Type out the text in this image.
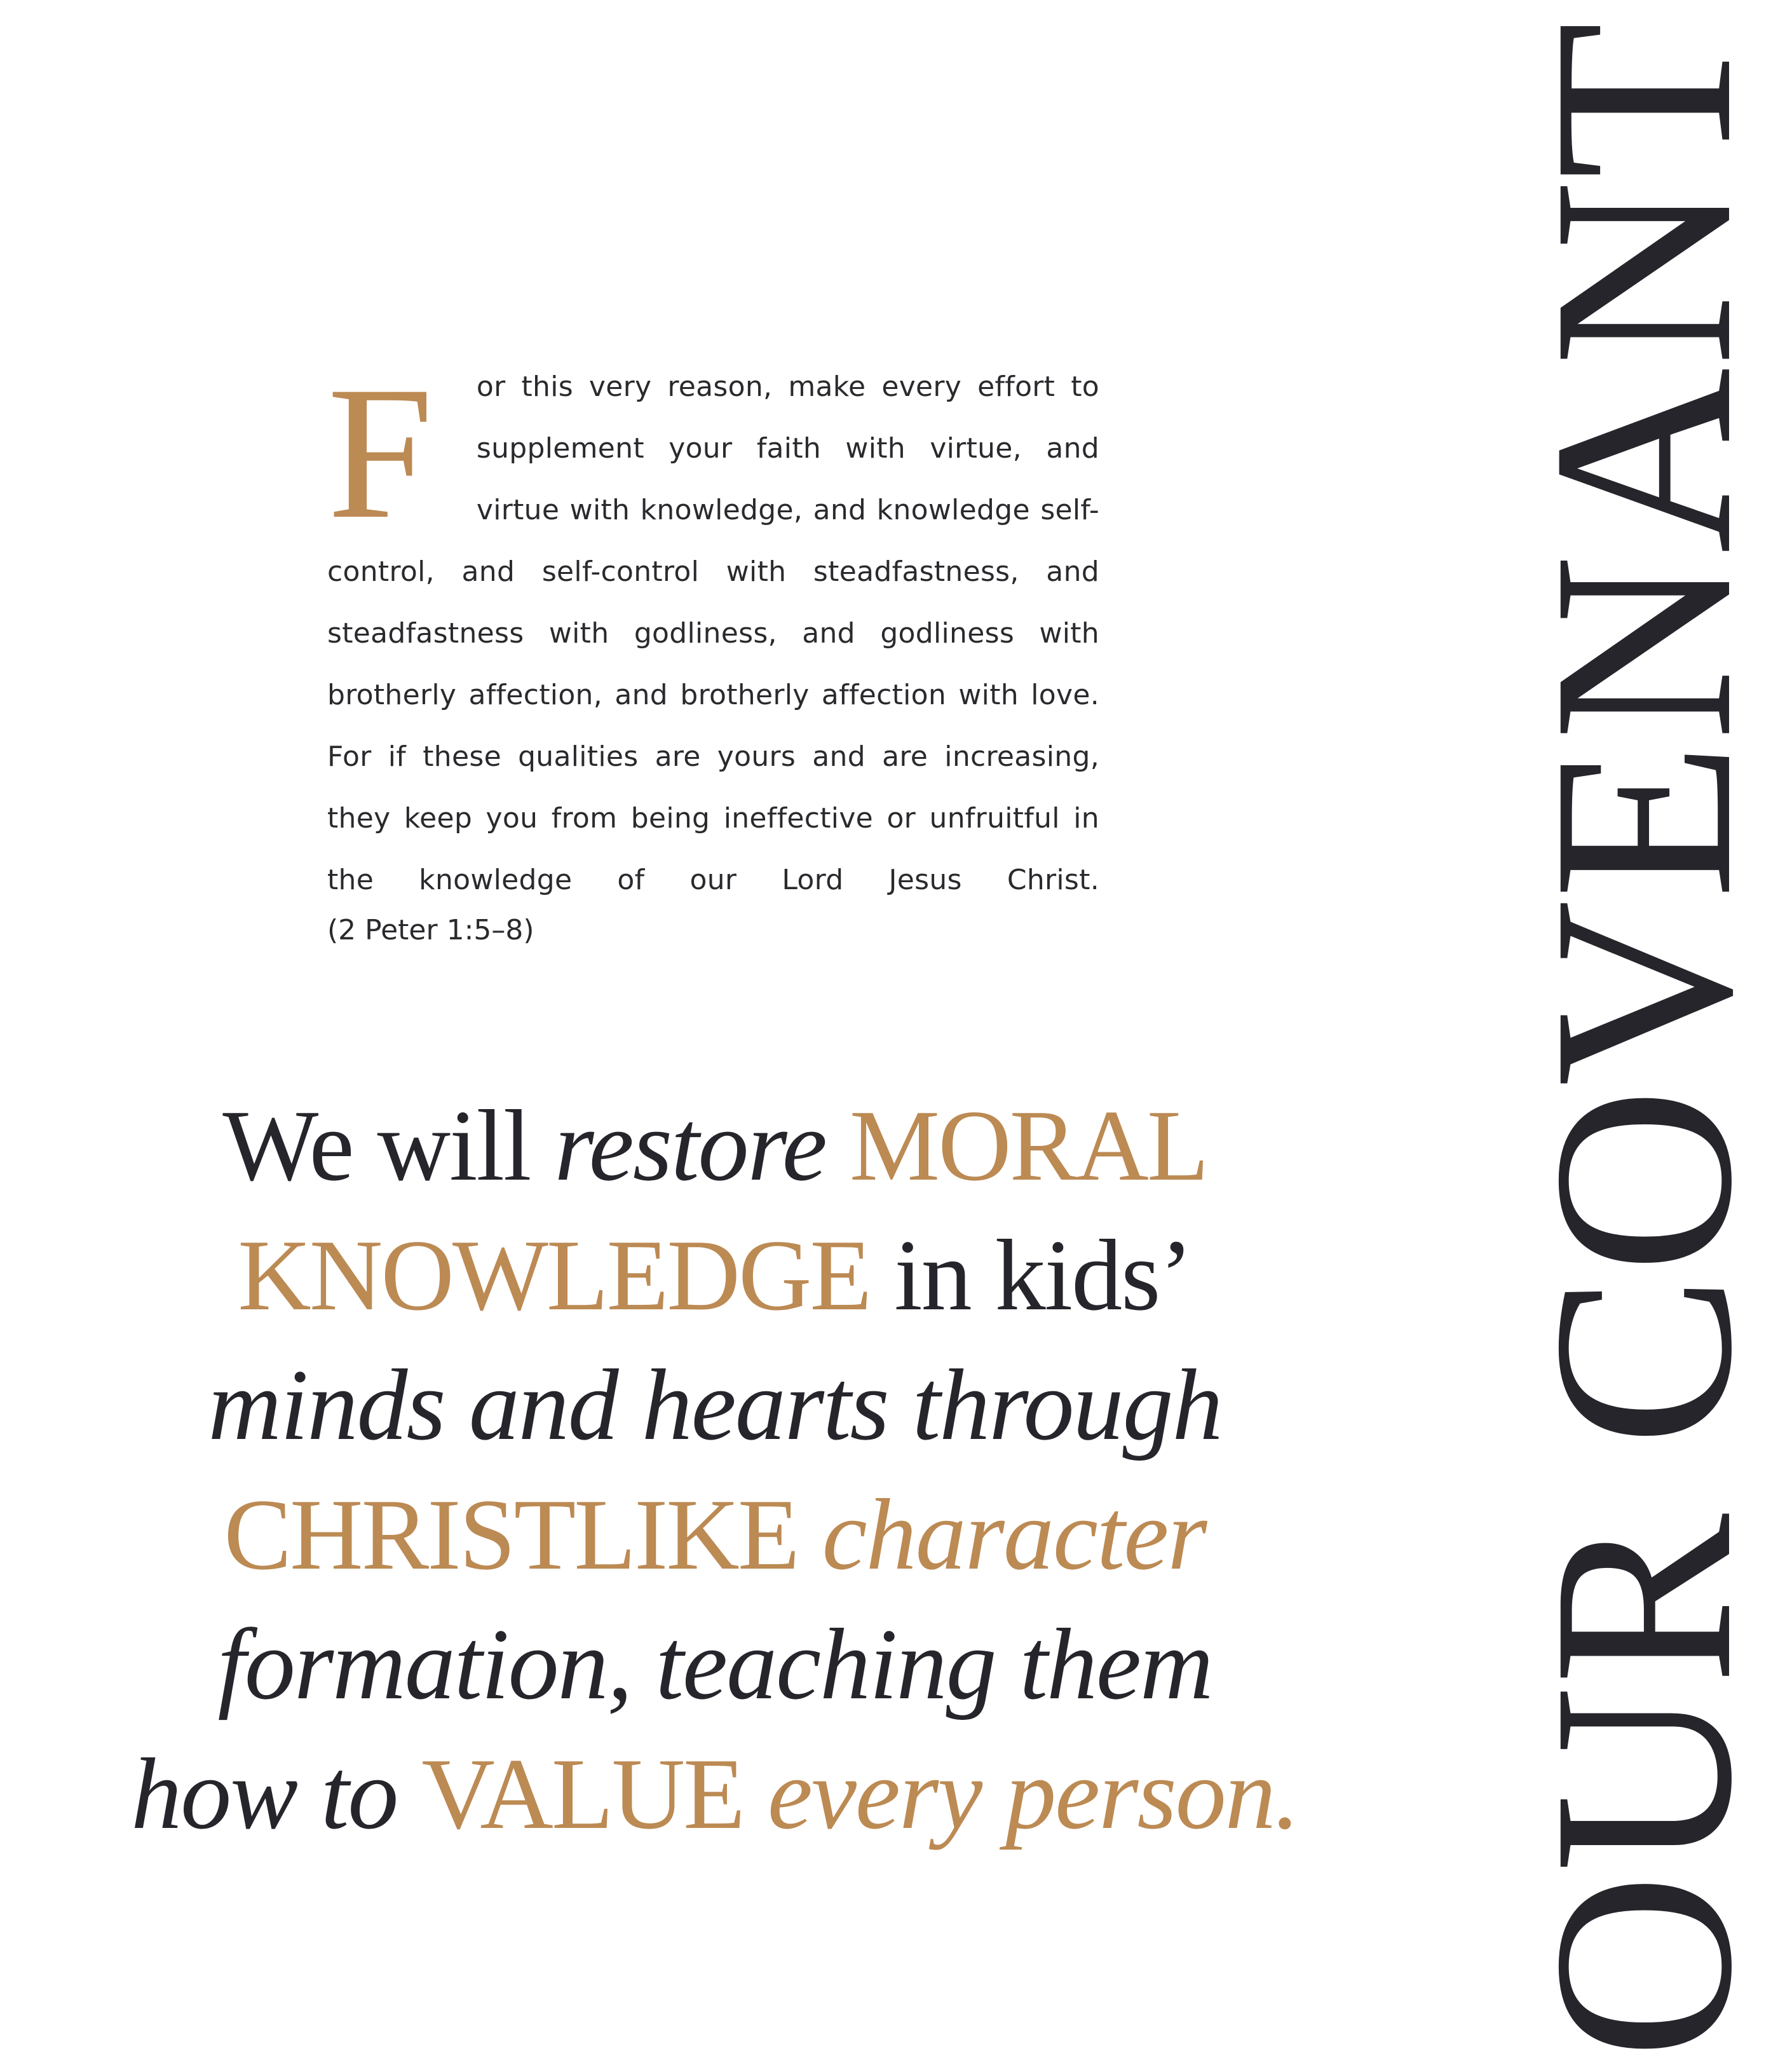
F or this very reason, make every effort to supplement your faith with virtue, and virtue with knowledge, and knowledge self-control, and self-control with steadfastness, and steadfastness with godliness, and godliness with brotherly affection, and brotherly affection with love. For if these qualities are yours and are increasing, they keep you from being ineffective or unfruitful in the knowledge of our Lord Jesus Christ.
(2 Peter 1:5–8)
We will restore MORAL
KNOWLEDGE in kids’
minds and hearts through
CHRISTLIKE character
formation, teaching them
how to VALUE every person. OUR COVENANT
